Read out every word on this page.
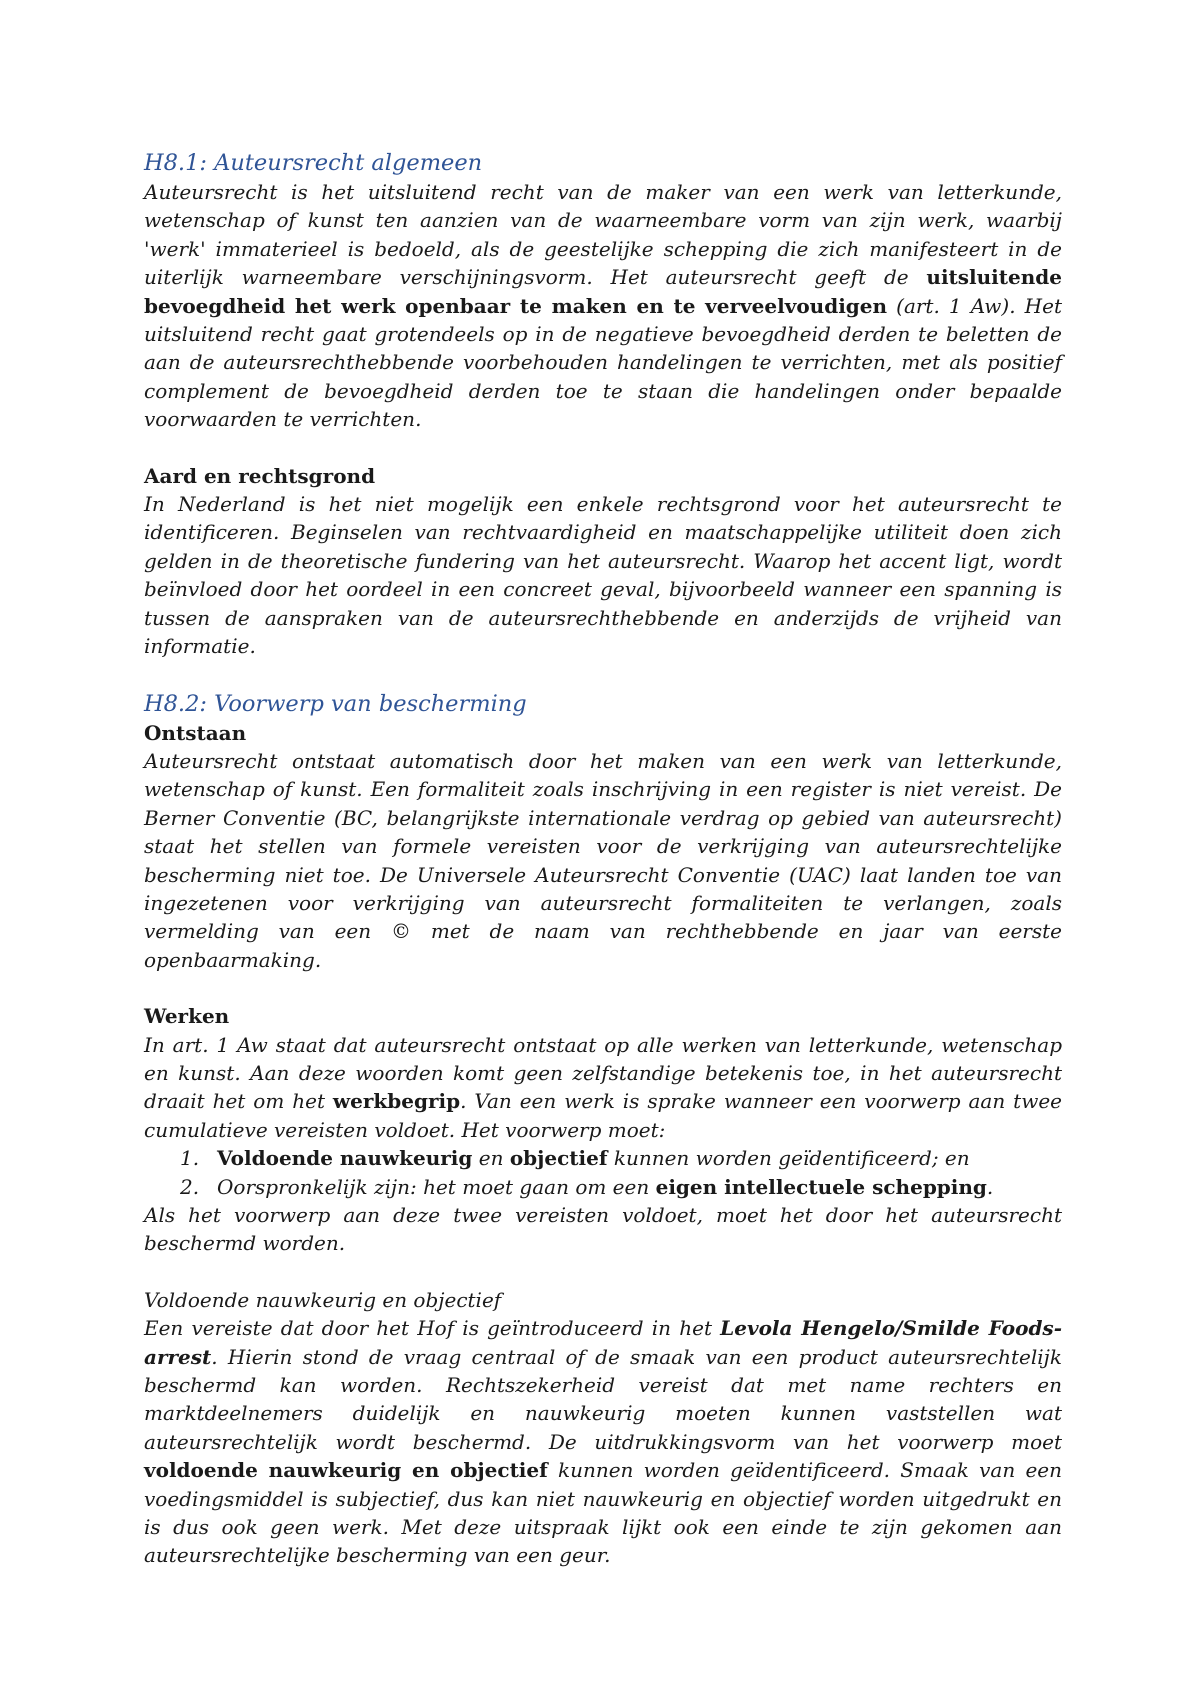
H8.1: Auteursrecht algemeen

Auteursrecht is het uitsluitend recht van de maker van een werk van letterkunde, wetenschap of kunst ten aanzien van de waarneembare vorm van zijn werk, waarbij 'werk' immaterieel is bedoeld, als de geestelijke schepping die zich manifesteert in de uiterlijk warneembare verschijningsvorm. Het auteursrecht geeft de uitsluitende bevoegdheid het werk openbaar te maken en te verveelvoudigen (art. 1 Aw). Het uitsluitend recht gaat grotendeels op in de negatieve bevoegdheid derden te beletten de aan de auteursrechthebbende voorbehouden handelingen te verrichten, met als positief complement de bevoegdheid derden toe te staan die handelingen onder bepaalde voorwaarden te verrichten.

Aard en rechtsgrond

In Nederland is het niet mogelijk een enkele rechtsgrond voor het auteursrecht te identificeren. Beginselen van rechtvaardigheid en maatschappelijke utiliteit doen zich gelden in de theoretische fundering van het auteursrecht. Waarop het accent ligt, wordt beïnvloed door het oordeel in een concreet geval, bijvoorbeeld wanneer een spanning is tussen de aanspraken van de auteursrechthebbende en anderzijds de vrijheid van informatie.

H8.2: Voorwerp van bescherming
Ontstaan

Auteursrecht ontstaat automatisch door het maken van een werk van letterkunde, wetenschap of kunst. Een formaliteit zoals inschrijving in een register is niet vereist. De Berner Conventie (BC, belangrijkste internationale verdrag op gebied van auteursrecht) staat het stellen van formele vereisten voor de verkrijging van auteursrechtelijke bescherming niet toe. De Universele Auteursrecht Conventie (UAC) laat landen toe van ingezetenen voor verkrijging van auteursrecht formaliteiten te verlangen, zoals vermelding van een © met de naam van rechthebbende en jaar van eerste openbaarmaking.

Werken

In art. 1 Aw staat dat auteursrecht ontstaat op alle werken van letterkunde, wetenschap en kunst. Aan deze woorden komt geen zelfstandige betekenis toe, in het auteursrecht draait het om het werkbegrip. Van een werk is sprake wanneer een voorwerp aan twee cumulatieve vereisten voldoet. Het voorwerp moet:

1. Voldoende nauwkeurig en objectief kunnen worden geïdentificeerd; en
2. Oorspronkelijk zijn: het moet gaan om een eigen intellectuele schepping.

Als het voorwerp aan deze twee vereisten voldoet, moet het door het auteursrecht beschermd worden.

Voldoende nauwkeurig en objectief

Een vereiste dat door het Hof is geïntroduceerd in het Levola Hengelo/Smilde Foods-arrest. Hierin stond de vraag centraal of de smaak van een product auteursrechtelijk beschermd kan worden. Rechtszekerheid vereist dat met name rechters en marktdeelnemers duidelijk en nauwkeurig moeten kunnen vaststellen wat auteursrechtelijk wordt beschermd. De uitdrukkingsvorm van het voorwerp moet voldoende nauwkeurig en objectief kunnen worden geïdentificeerd. Smaak van een voedingsmiddel is subjectief, dus kan niet nauwkeurig en objectief worden uitgedrukt en is dus ook geen werk. Met deze uitspraak lijkt ook een einde te zijn gekomen aan auteursrechtelijke bescherming van een geur.
